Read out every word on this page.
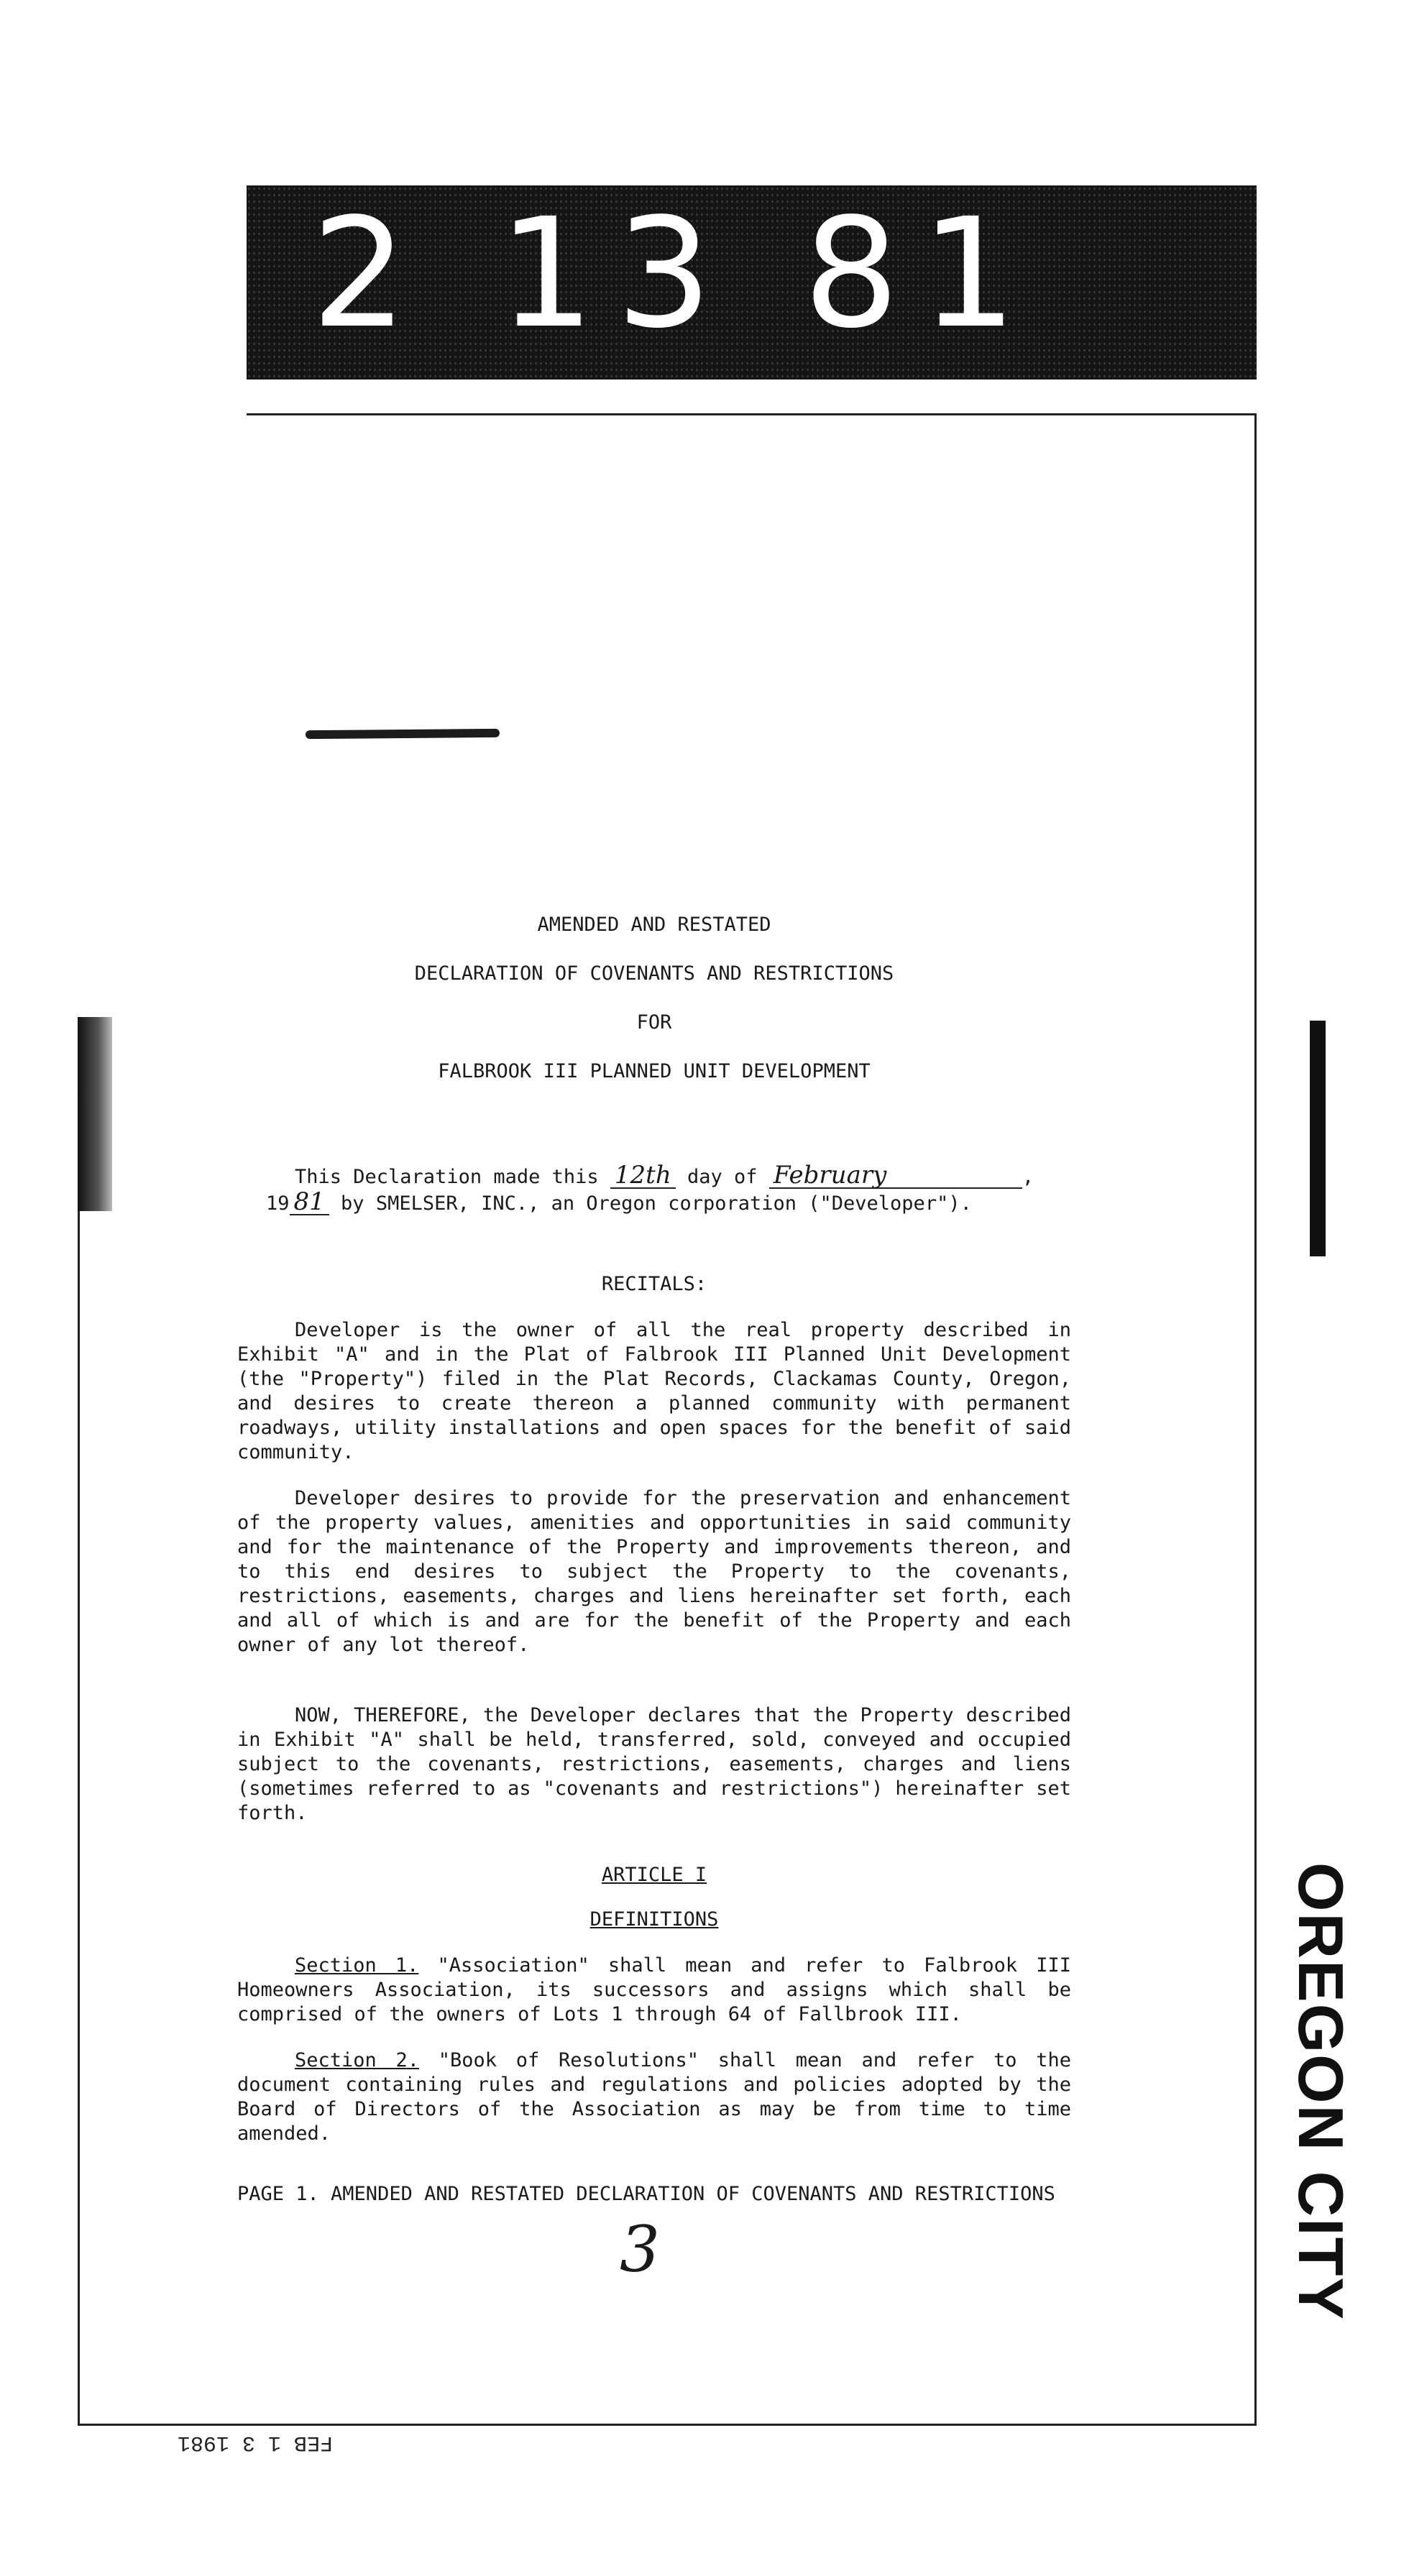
2 13 81
OREGON CITY
FEB 1 3 1981
AMENDED AND RESTATED
DECLARATION OF COVENANTS AND RESTRICTIONS
FOR
FALBROOK III PLANNED UNIT DEVELOPMENT
This Declaration made this 12th day of February	,
19 81 by SMELSER, INC., an Oregon corporation ("Developer").
RECITALS:

Developer is the owner of all the real property described in Exhibit "A" and in the Plat of Falbrook III Planned Unit Development (the "Property") filed in the Plat Records, Clackamas County, Oregon, and desires to create thereon a planned community with permanent roadways, utility installations and open spaces for the benefit of said community.

Developer desires to provide for the preservation and enhancement of the property values, amenities and opportunities in said community and for the maintenance of the Property and improvements thereon, and to this end desires to subject the Property to the covenants, restrictions, easements, charges and liens hereinafter set forth, each and all of which is and are for the benefit of the Property and each owner of any lot thereof.

NOW, THEREFORE, the Developer declares that the Property described in Exhibit "A" shall be held, transferred, sold, conveyed and occupied subject to the covenants, restrictions, easements, charges and liens (sometimes referred to as "covenants and restrictions") hereinafter set forth.

ARTICLE I
DEFINITIONS

Section 1. "Association" shall mean and refer to Falbrook III Homeowners Association, its successors and assigns which shall be comprised of the owners of Lots 1 through 64 of Fallbrook III.

Section 2. "Book of Resolutions" shall mean and refer to the document containing rules and regulations and policies adopted by the Board of Directors of the Association as may be from time to time amended.

PAGE 1. AMENDED AND RESTATED DECLARATION OF COVENANTS AND RESTRICTIONS
3
